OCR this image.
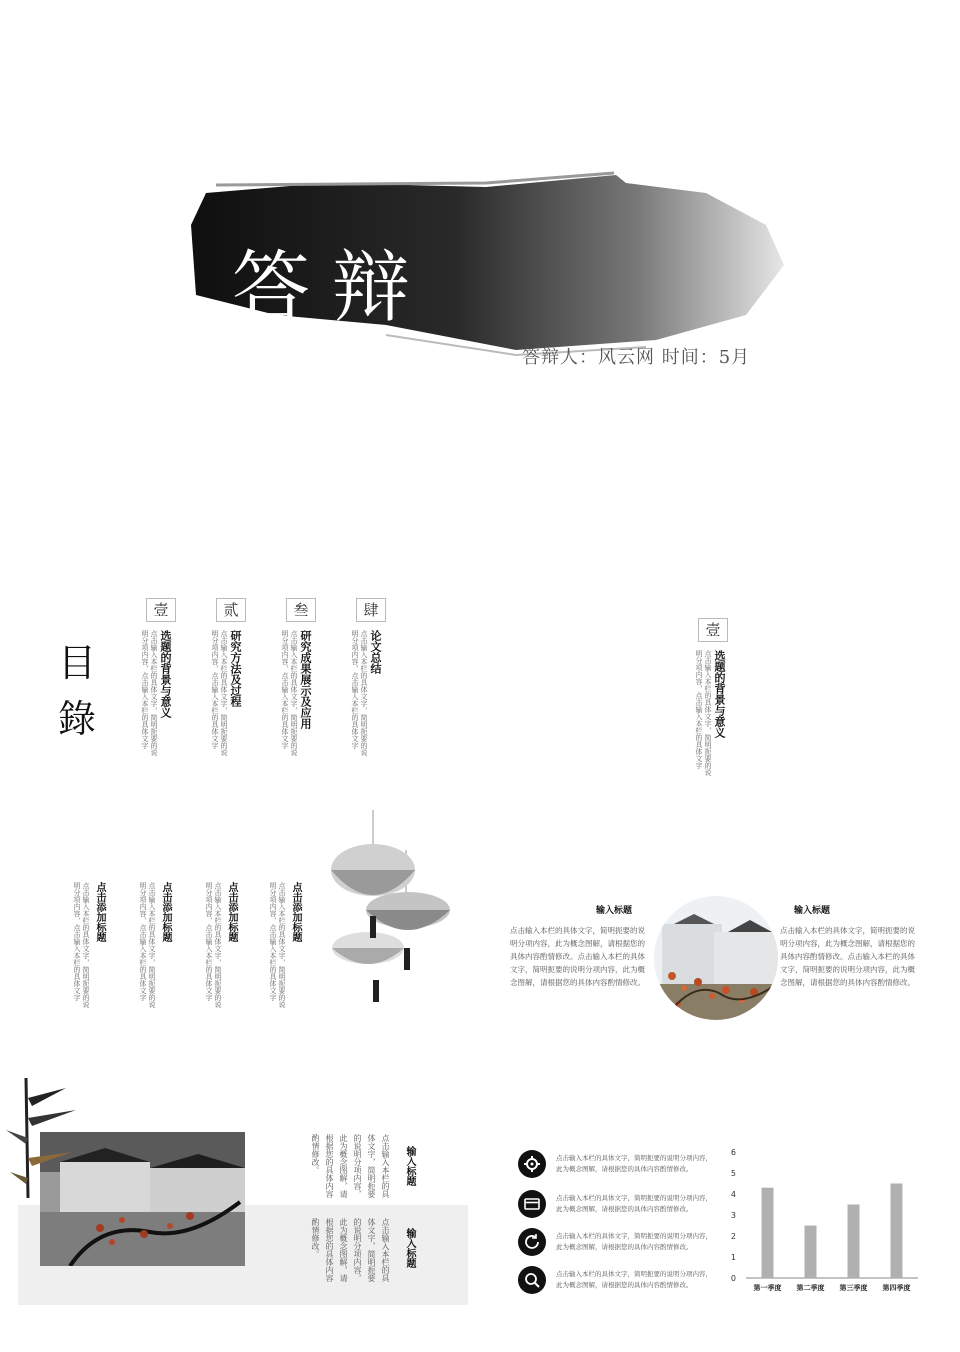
答辩
答辩人：风云网 时间：5月
目
錄
壹
选题的背景与意义
点击输入本栏的具体文字，简明扼要的说明分项内容，点击输入本栏的具体文字
贰
研究方法及过程
点击输入本栏的具体文字，简明扼要的说明分项内容，点击输入本栏的具体文字
叁
研究成果展示及应用
点击输入本栏的具体文字，简明扼要的说明分项内容，点击输入本栏的具体文字
肆
论文总结
点击输入本栏的具体文字，简明扼要的说明分项内容，点击输入本栏的具体文字	壹
选题的背景与意义
点击输入本栏的具体文字，简明扼要的说明分项内容，点击输入本栏的具体文字
点击添加标题
点击输入本栏的具体文字，简明扼要的说明分项内容，点击输入本栏的具体文字	点击添加标题
点击输入本栏的具体文字，简明扼要的说明分项内容，点击输入本栏的具体文字	点击添加标题
点击输入本栏的具体文字，简明扼要的说明分项内容，点击输入本栏的具体文字	点击添加标题
点击输入本栏的具体文字，简明扼要的说明分项内容，点击输入本栏的具体文字	输入标题
点击输入本栏的具体文字，简明扼要的说明分项内容，此为概念图解，请根据您的具体内容酌情修改。点击输入本栏的具体文字，简明扼要的说明分项内容，此为概念图解，请根据您的具体内容酌情修改。
输入标题
点击输入本栏的具体文字，简明扼要的说明分项内容，此为概念图解，请根据您的具体内容酌情修改。点击输入本栏的具体文字，简明扼要的说明分项内容，此为概念图解，请根据您的具体内容酌情修改。
输入标题
点击输入本栏的具体文字，简明扼要的说明分项内容，此为概念图解，请根据您的具体内容酌情修改。
输入标题
点击输入本栏的具体文字，简明扼要的说明分项内容，此为概念图解，请根据您的具体内容酌情修改。
点击输入本栏的具体文字，简明扼要的说明分项内容，此为概念图解，请根据您的具体内容酌情修改。
点击输入本栏的具体文字，简明扼要的说明分项内容，此为概念图解，请根据您的具体内容酌情修改。
点击输入本栏的具体文字，简明扼要的说明分项内容，此为概念图解，请根据您的具体内容酌情修改。
点击输入本栏的具体文字，简明扼要的说明分项内容，此为概念图解，请根据您的具体内容酌情修改。
0
1
2
3
4
5
6
第一季度 第二季度 第三季度 第四季度
